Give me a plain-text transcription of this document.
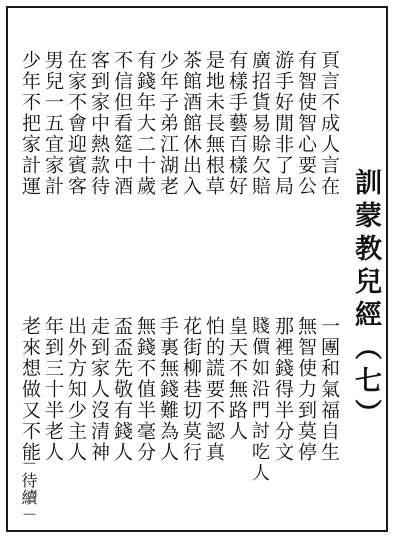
訓蒙教兒經（七）
頁言不成人言在
有智使智心要公
游手好閒非了局
廣招貨易賒欠賠
有樣手藝百樣好
是地未長無根草
茶館酒館休出入
少年子弟江湖老
有錢年大二十歲
不信但看筵中酒
客到家中熱款待
在家不會迎賓客
男兒一五宜家計
少年不把家計運
一團和氣福自生
無智使力到莫停
那裡錢得半分文
賤價如沿門討吃人
皇天不無路人
怕的謊要不認真
花街柳巷切莫行
手裏無錢難為人
無錢不值半毫分
盃盃先敬有錢人
走到家人沒清神
出外方知少主人
年到三十半老人
老來想做又不能
－待續－
